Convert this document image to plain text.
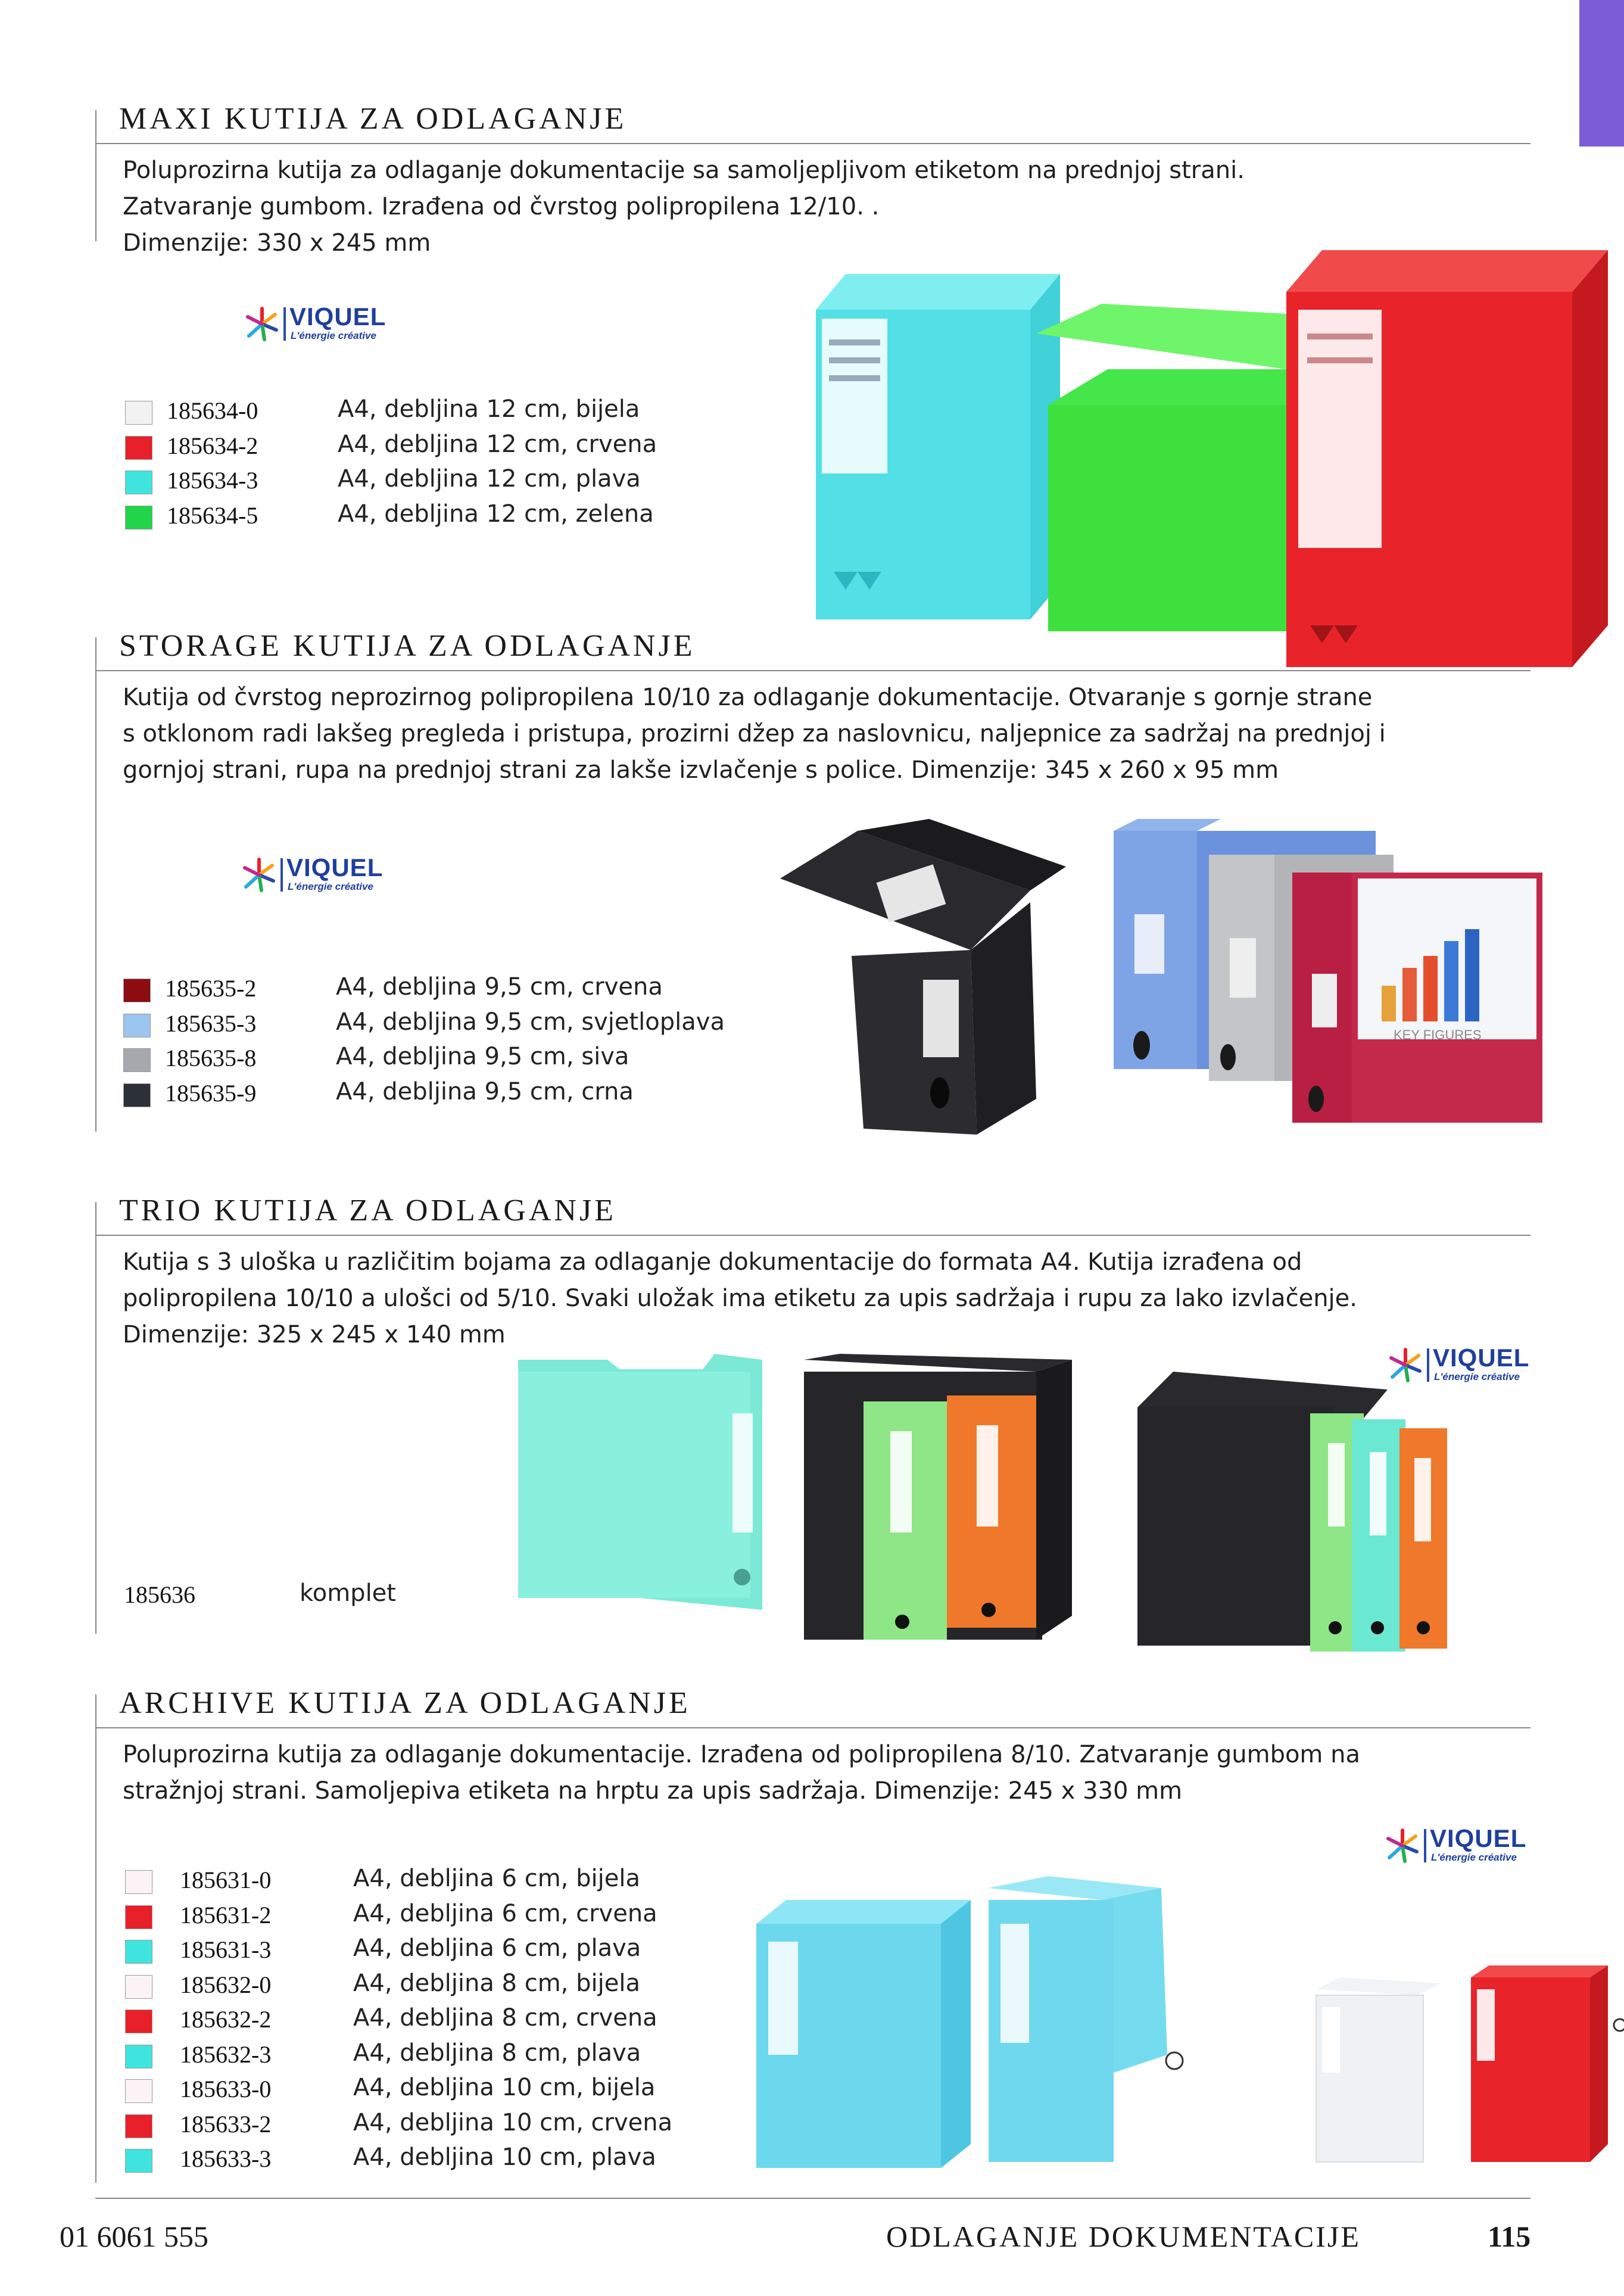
MAXI KUTIJA ZA ODLAGANJE

Poluprozirna kutija za odlaganje dokumentacije sa samoljepljivom etiketom na prednjoj strani.

Zatvaranje gumbom. Izrađena od čvrstog polipropilena 12/10. .

Dimenzije: 330 x 245 mm

VIQUEL
L'énergie créative
185634-0	A4, debljina 12 cm, bijela
185634-2	A4, debljina 12 cm, crvena
185634-3	A4, debljina 12 cm, plava
185634-5	A4, debljina 12 cm, zelena
STORAGE KUTIJA ZA ODLAGANJE

Kutija od čvrstog neprozirnog polipropilena 10/10 za odlaganje dokumentacije. Otvaranje s gornje strane

s otklonom radi lakšeg pregleda i pristupa, prozirni džep za naslovnicu, naljepnice za sadržaj na prednjoj i

gornjoj strani, rupa na prednjoj strani za lakše izvlačenje s police. Dimenzije: 345 x 260 x 95 mm

VIQUEL
L'énergie créative
185635-2	A4, debljina 9,5 cm, crvena
185635-3	A4, debljina 9,5 cm, svjetloplava
185635-8	A4, debljina 9,5 cm, siva
185635-9	A4, debljina 9,5 cm, crna
KEY FIGURES
TRIO KUTIJA ZA ODLAGANJE

Kutija s 3 uloška u različitim bojama za odlaganje dokumentacije do formata A4. Kutija izrađena od

polipropilena 10/10 a ulošci od 5/10. Svaki uložak ima etiketu za upis sadržaja i rupu za lako izvlačenje.

Dimenzije: 325 x 245 x 140 mm

VIQUEL
L'énergie créative
185636	komplet
ARCHIVE KUTIJA ZA ODLAGANJE

Poluprozirna kutija za odlaganje dokumentacije. Izrađena od polipropilena 8/10. Zatvaranje gumbom na

stražnjoj strani. Samoljepiva etiketa na hrptu za upis sadržaja. Dimenzije: 245 x 330 mm

VIQUEL
L'énergie créative
185631-0	A4, debljina 6 cm, bijela
185631-2	A4, debljina 6 cm, crvena
185631-3	A4, debljina 6 cm, plava
185632-0	A4, debljina 8 cm, bijela
185632-2	A4, debljina 8 cm, crvena
185632-3	A4, debljina 8 cm, plava
185633-0	A4, debljina 10 cm, bijela
185633-2	A4, debljina 10 cm, crvena
185633-3	A4, debljina 10 cm, plava
01 6061 555	ODLAGANJE DOKUMENTACIJE	115
